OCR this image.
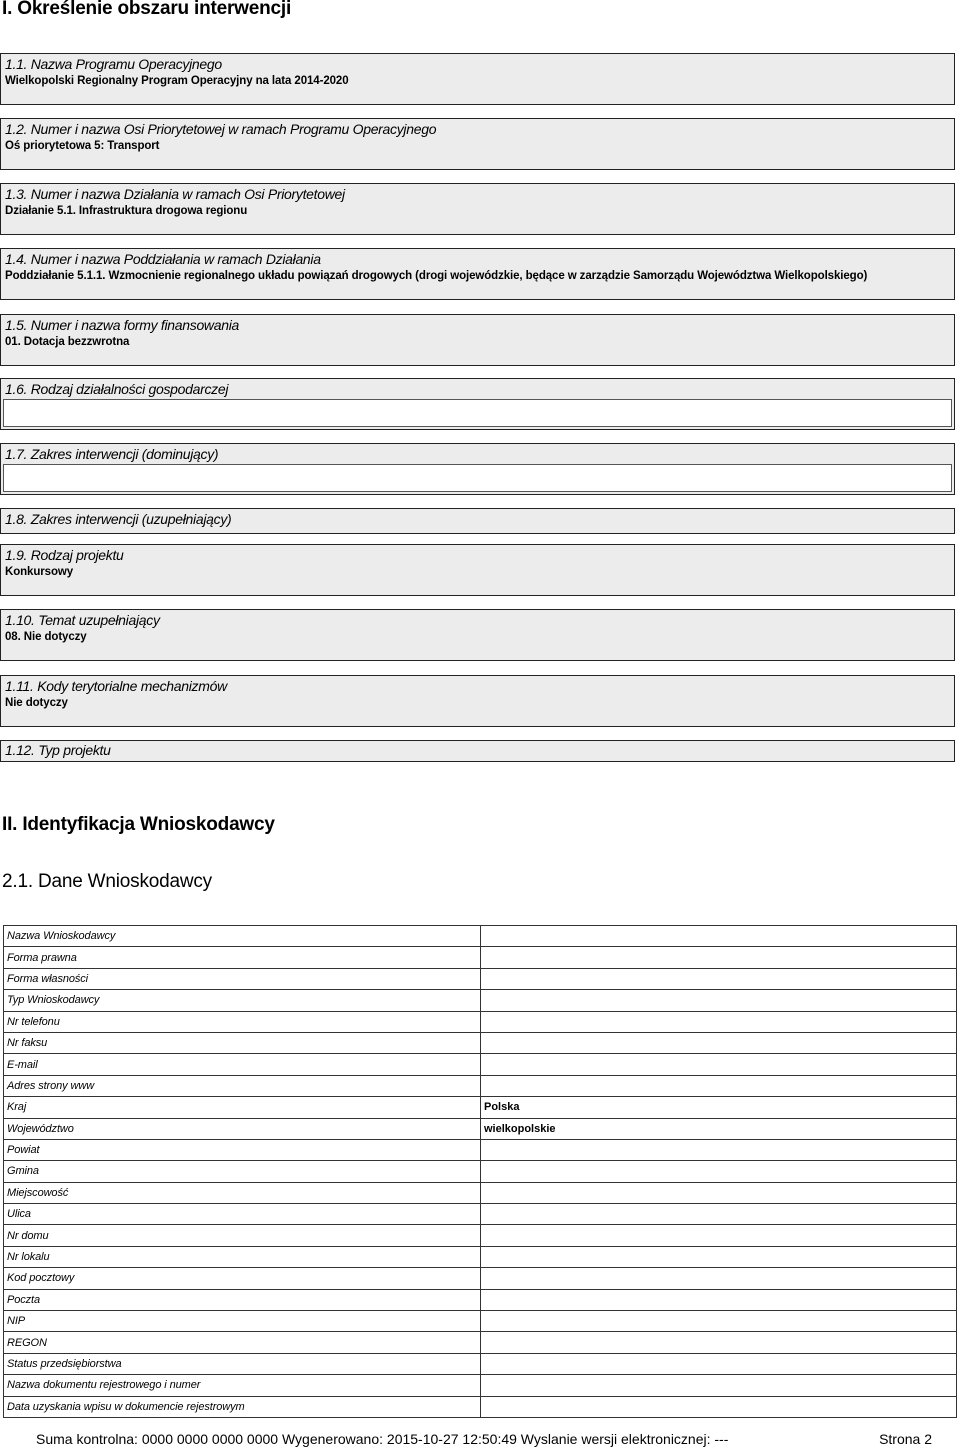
I. Określenie obszaru interwencji
1.1. Nazwa Programu Operacyjnego
Wielkopolski Regionalny Program Operacyjny na lata 2014-2020
1.2. Numer i nazwa Osi Priorytetowej w ramach Programu Operacyjnego
Oś priorytetowa 5: Transport
1.3. Numer i nazwa Działania w ramach Osi Priorytetowej
Działanie 5.1. Infrastruktura drogowa regionu
1.4. Numer i nazwa Poddziałania w ramach Działania
Poddziałanie 5.1.1. Wzmocnienie regionalnego układu powiązań drogowych (drogi wojewódzkie, będące w zarządzie Samorządu Województwa Wielkopolskiego)
1.5. Numer i nazwa formy finansowania
01. Dotacja bezzwrotna
1.6. Rodzaj działalności gospodarczej
1.7. Zakres interwencji (dominujący)
1.8. Zakres interwencji (uzupełniający)
1.9. Rodzaj projektu
Konkursowy
1.10. Temat uzupełniający
08. Nie dotyczy
1.11. Kody terytorialne mechanizmów
Nie dotyczy
1.12. Typ projektu
II. Identyfikacja Wnioskodawcy
2.1. Dane Wnioskodawcy
Nazwa Wnioskodawcy	
Forma prawna	
Forma własności	
Typ Wnioskodawcy	
Nr telefonu	
Nr faksu	
E-mail	
Adres strony www	
Kraj	Polska
Województwo	wielkopolskie
Powiat	
Gmina	
Miejscowość	
Ulica	
Nr domu	
Nr lokalu	
Kod pocztowy	
Poczta	
NIP	
REGON	
Status przedsiębiorstwa	
Nazwa dokumentu rejestrowego i numer	
Data uzyskania wpisu w dokumencie rejestrowym	
Suma kontrolna: 0000 0000 0000 0000 Wygenerowano: 2015-10-27 12:50:49 Wyslanie wersji elektronicznej: ---	Strona 2
